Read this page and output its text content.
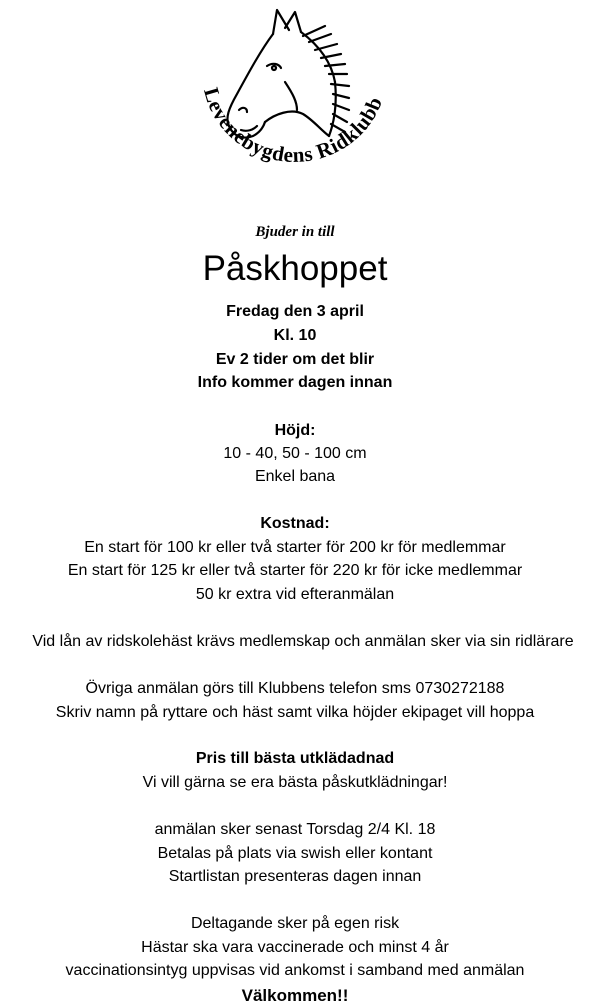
Levenebygdens Ridklubb
Bjuder in till
Påskhoppet
Fredag den 3 april
Kl. 10
Ev 2 tider om det blir
Info kommer dagen innan
Höjd:
10 - 40, 50 - 100 cm
Enkel bana
Kostnad:
En start för 100 kr eller två starter för 200 kr för medlemmar
En start för 125 kr eller två starter för 220 kr för icke medlemmar
50 kr extra vid efteranmälan
Vid lån av ridskolehäst krävs medlemskap och anmälan sker via sin ridlärare
Övriga anmälan görs till Klubbens telefon sms 0730272188
Skriv namn på ryttare och häst samt vilka höjder ekipaget vill hoppa
Pris till bästa utklädadnad
Vi vill gärna se era bästa påskutklädningar!
anmälan sker senast Torsdag 2/4 Kl. 18
Betalas på plats via swish eller kontant
Startlistan presenteras dagen innan
Deltagande sker på egen risk
Hästar ska vara vaccinerade och minst 4 år
vaccinationsintyg uppvisas vid ankomst i samband med anmälan
Välkommen!!
